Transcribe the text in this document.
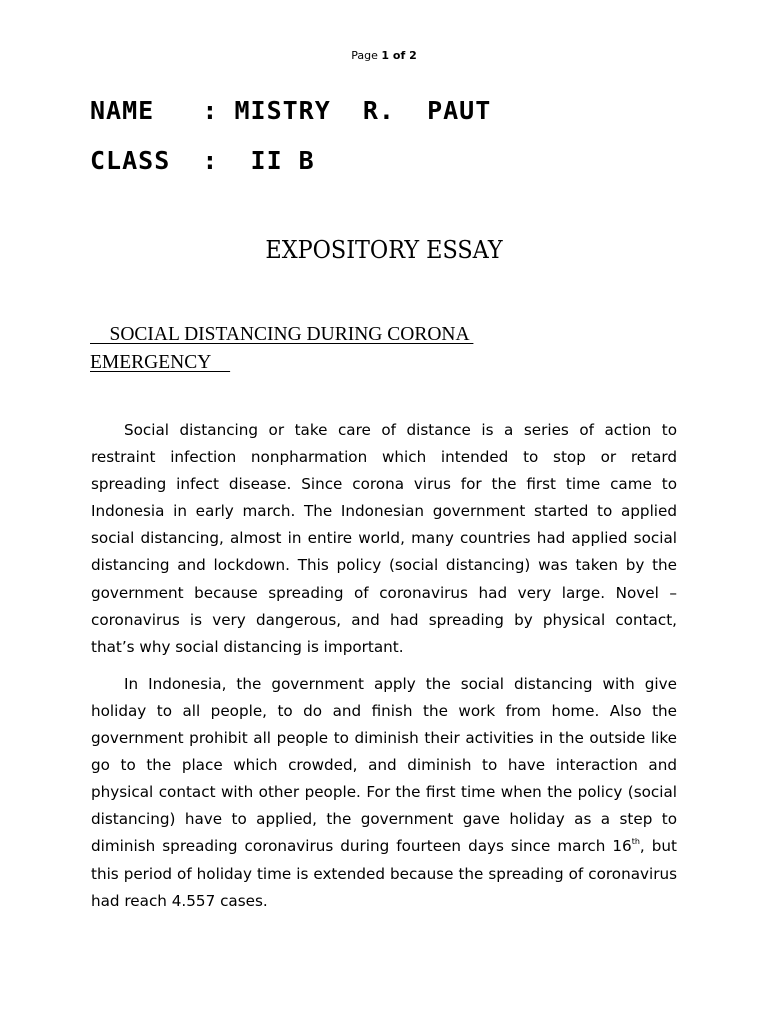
Page 1 of 2
NAME   : MISTRY  R.  PAUT
CLASS  :  II B
EXPOSITORY ESSAY
SOCIAL DISTANCING DURING CORONA
EMERGENCY

Social distancing or take care of distance is a series of action to restraint infection nonpharmation which intended to stop or retard spreading infect disease. Since corona virus for the first time came to Indonesia in early march. The Indonesian government started to applied social distancing, almost in entire world, many countries had applied social distancing and lockdown. This policy (social distancing) was taken by the government because spreading of coronavirus had very large. Novel – coronavirus is very dangerous, and had spreading by physical contact, that’s why social distancing is important.

In Indonesia, the government apply the social distancing with give holiday to all people, to do and finish the work from home. Also the government prohibit all people to diminish their activities in the outside like go to the place which crowded, and diminish to have interaction and physical contact with other people. For the first time when the policy (social distancing) have to applied, the government gave holiday as a step to diminish spreading coronavirus during fourteen days since march 16th, but this period of holiday time is extended because the spreading of coronavirus had reach 4.557 cases.
